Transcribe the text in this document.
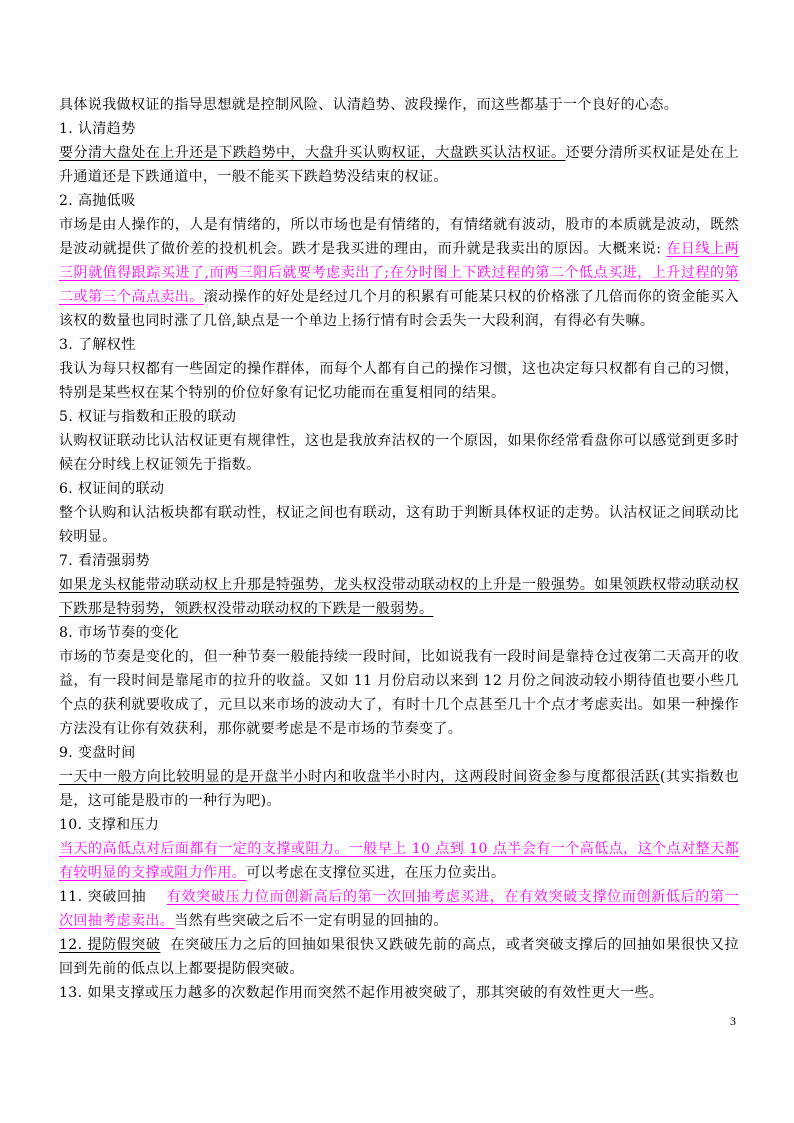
具体说我做权证的指导思想就是控制风险、认清趋势、波段操作，而这些都基于一个良好的心态。

1. 认清趋势

要分清大盘处在上升还是下跌趋势中，大盘升买认购权证，大盘跌买认沽权证。还要分清所买权证是处在上升通道还是下跌通道中，一般不能买下跌趋势没结束的权证。

2. 高抛低吸

市场是由人操作的，人是有情绪的，所以市场也是有情绪的，有情绪就有波动，股市的本质就是波动，既然是波动就提供了做价差的投机机会。跌才是我买进的理由，而升就是我卖出的原因。大概来说: 在日线上两三阴就值得跟踪买进了,而两三阳后就要考虑卖出了;在分时图上下跌过程的第二个低点买进，上升过程的第二或第三个高点卖出。滚动操作的好处是经过几个月的积累有可能某只权的价格涨了几倍而你的资金能买入该权的数量也同时涨了几倍,缺点是一个单边上扬行情有时会丢失一大段利润，有得必有失嘛。

3. 了解权性

我认为每只权都有一些固定的操作群体，而每个人都有自己的操作习惯，这也决定每只权都有自己的习惯，特别是某些权在某个特别的价位好象有记忆功能而在重复相同的结果。

5. 权证与指数和正股的联动

认购权证联动比认沽权证更有规律性，这也是我放弃沽权的一个原因，如果你经常看盘你可以感觉到更多时候在分时线上权证领先于指数。

6. 权证间的联动

整个认购和认沽板块都有联动性，权证之间也有联动，这有助于判断具体权证的走势。认沽权证之间联动比较明显。

7. 看清强弱势

如果龙头权能带动联动权上升那是特强势，龙头权没带动联动权的上升是一般强势。如果领跌权带动联动权下跌那是特弱势，领跌权没带动联动权的下跌是一般弱势。

8. 市场节奏的变化

市场的节奏是变化的，但一种节奏一般能持续一段时间，比如说我有一段时间是靠持仓过夜第二天高开的收益，有一段时间是靠尾市的拉升的收益。又如 11 月份启动以来到 12 月份之间波动较小期待值也要小些几个点的获利就要收成了，元旦以来市场的波动大了，有时十几个点甚至几十个点才考虑卖出。如果一种操作方法没有让你有效获利，那你就要考虑是不是市场的节奏变了。

9. 变盘时间

一天中一般方向比较明显的是开盘半小时内和收盘半小时内，这两段时间资金参与度都很活跃(其实指数也是，这可能是股市的一种行为吧)。

10. 支撑和压力

当天的高低点对后面都有一定的支撑或阻力。一般早上 10 点到 10 点半会有一个高低点，这个点对整天都有较明显的支撑或阻力作用。可以考虑在支撑位买进，在压力位卖出。

11. 突破回抽 有效突破压力位而创新高后的第一次回抽考虑买进，在有效突破支撑位而创新低后的第一次回抽考虑卖出。当然有些突破之后不一定有明显的回抽的。

12. 提防假突破 在突破压力之后的回抽如果很快又跌破先前的高点，或者突破支撑后的回抽如果很快又拉回到先前的低点以上都要提防假突破。

13. 如果支撑或压力越多的次数起作用而突然不起作用被突破了，那其突破的有效性更大一些。

3
